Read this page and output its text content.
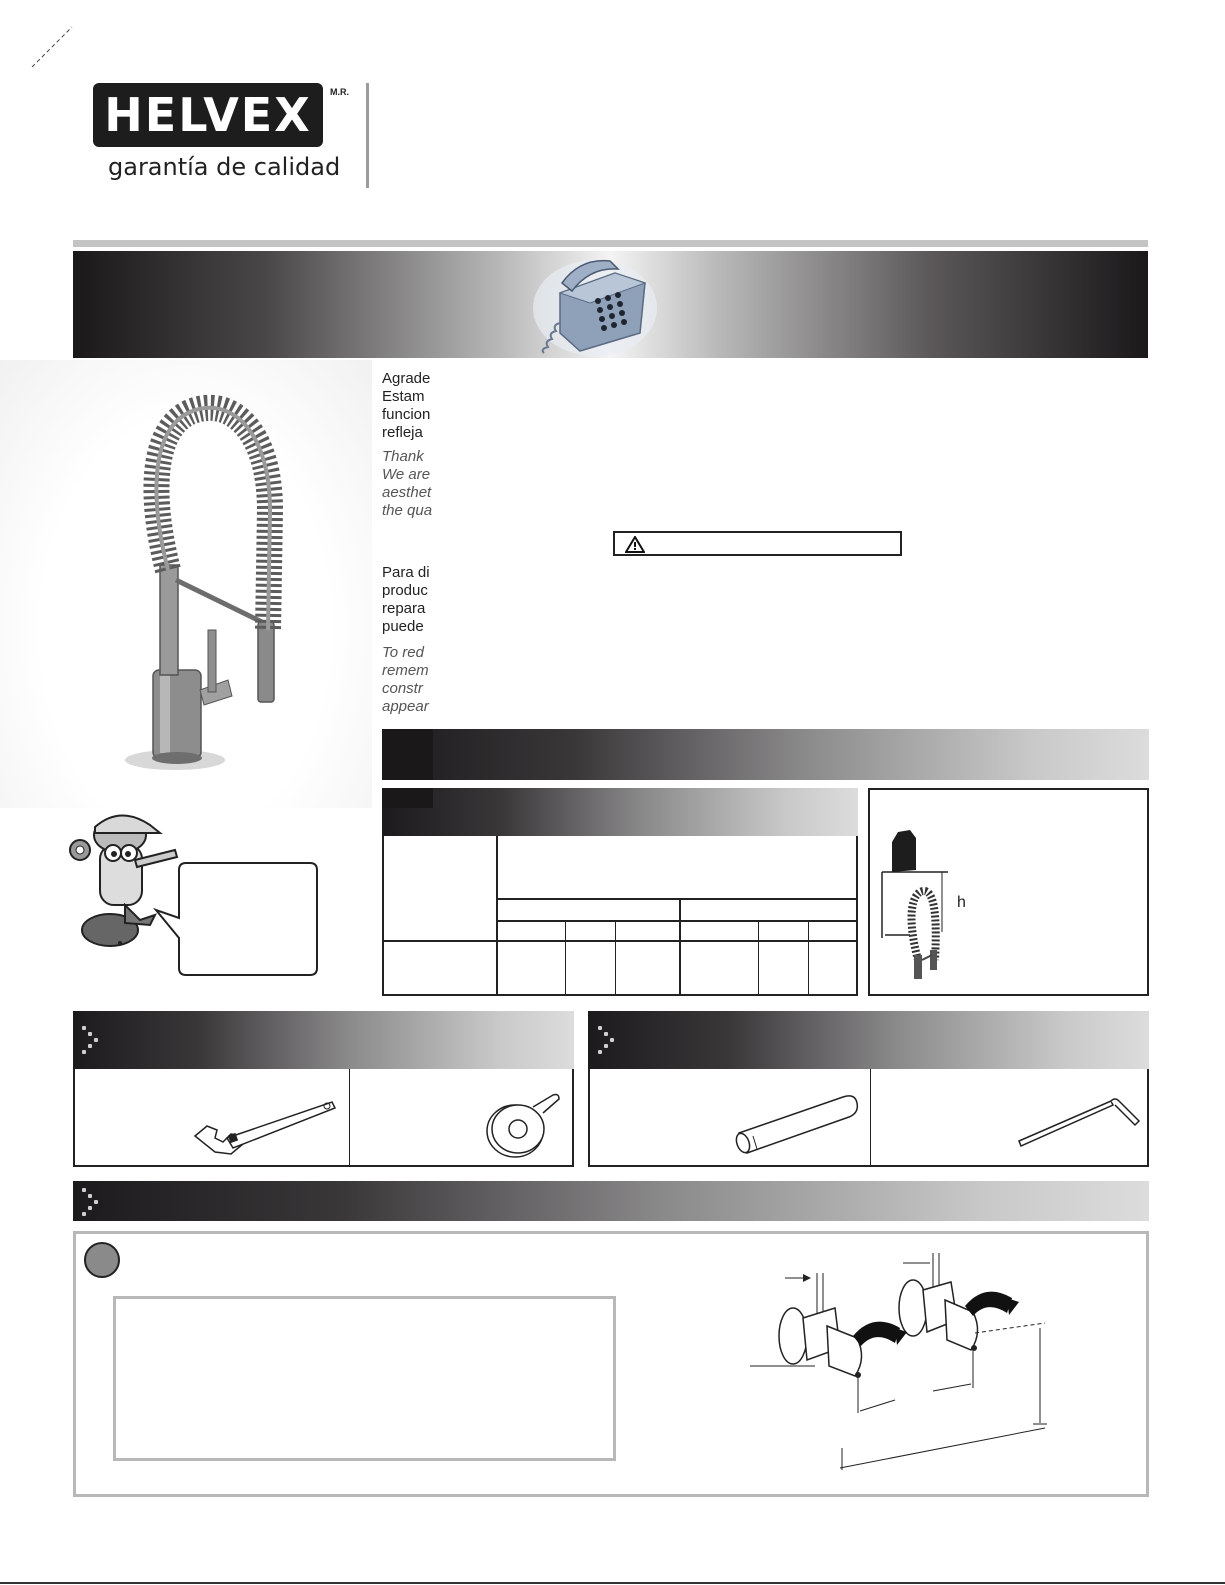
HELVEX	M.R.
garantía de calidad
Agrade
Estam
funcion
refleja
Thank
We are
aesthet
the qua
Para di
produc
repara
puede
To red
remem
constr
appear
h
